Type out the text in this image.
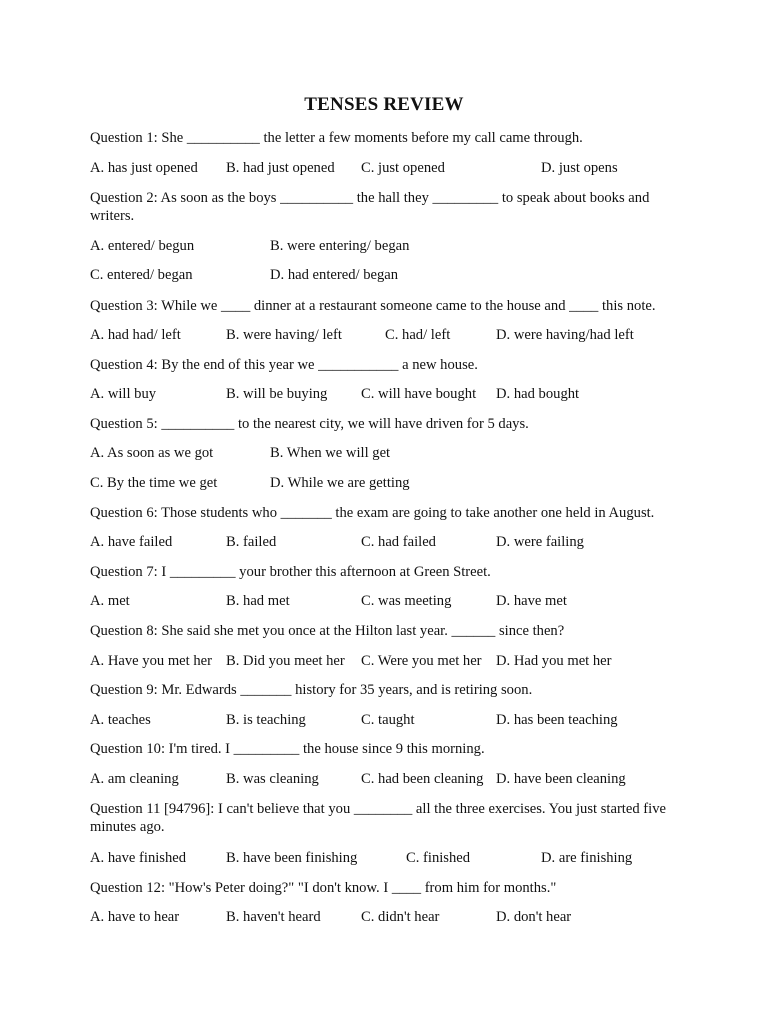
TENSES REVIEW
Question 1: She __________ the letter a few moments before my call came through.
A. has just opened B. had just opened C. just opened	D. just opens
Question 2: As soon as the boys __________ the hall they _________ to speak about books and writers.
A. entered/ begun	B. were entering/ began
C. entered/ began	D. had entered/ began
Question 3: While we ____ dinner at a restaurant someone came to the house and ____ this note.
A. had had/ left	B. were having/ left	C. had/ left	D. were having/had left
Question 4: By the end of this year we ___________ a new house.
A. will buy	B. will be buying C. will have bought D. had bought
Question 5: __________ to the nearest city, we will have driven for 5 days.
A. As soon as we got	B. When we will get
C. By the time we get	D. While we are getting
Question 6: Those students who _______ the exam are going to take another one held in August.
A. have failed	B. failed	C. had failed	D. were failing
Question 7: I _________ your brother this afternoon at Green Street.
A. met	B. had met	C. was meeting	D. have met
Question 8: She said she met you once at the Hilton last year. ______ since then?
A. Have you met her B. Did you meet her C. Were you met her D. Had you met her
Question 9: Mr. Edwards _______ history for 35 years, and is retiring soon.
A. teaches	B. is teaching	C. taught	D. has been teaching
Question 10: I'm tired. I _________ the house since 9 this morning.
A. am cleaning	B. was cleaning	C. had been cleaning D. have been cleaning
Question 11 [94796]: I can't believe that you ________ all the three exercises. You just started five minutes ago.
A. have finished	B. have been finishing	C. finished	D. are finishing
Question 12: "How's Peter doing?" "I don't know. I ____ from him for months."
A. have to hear	B. haven't heard	C. didn't hear	D. don't hear
